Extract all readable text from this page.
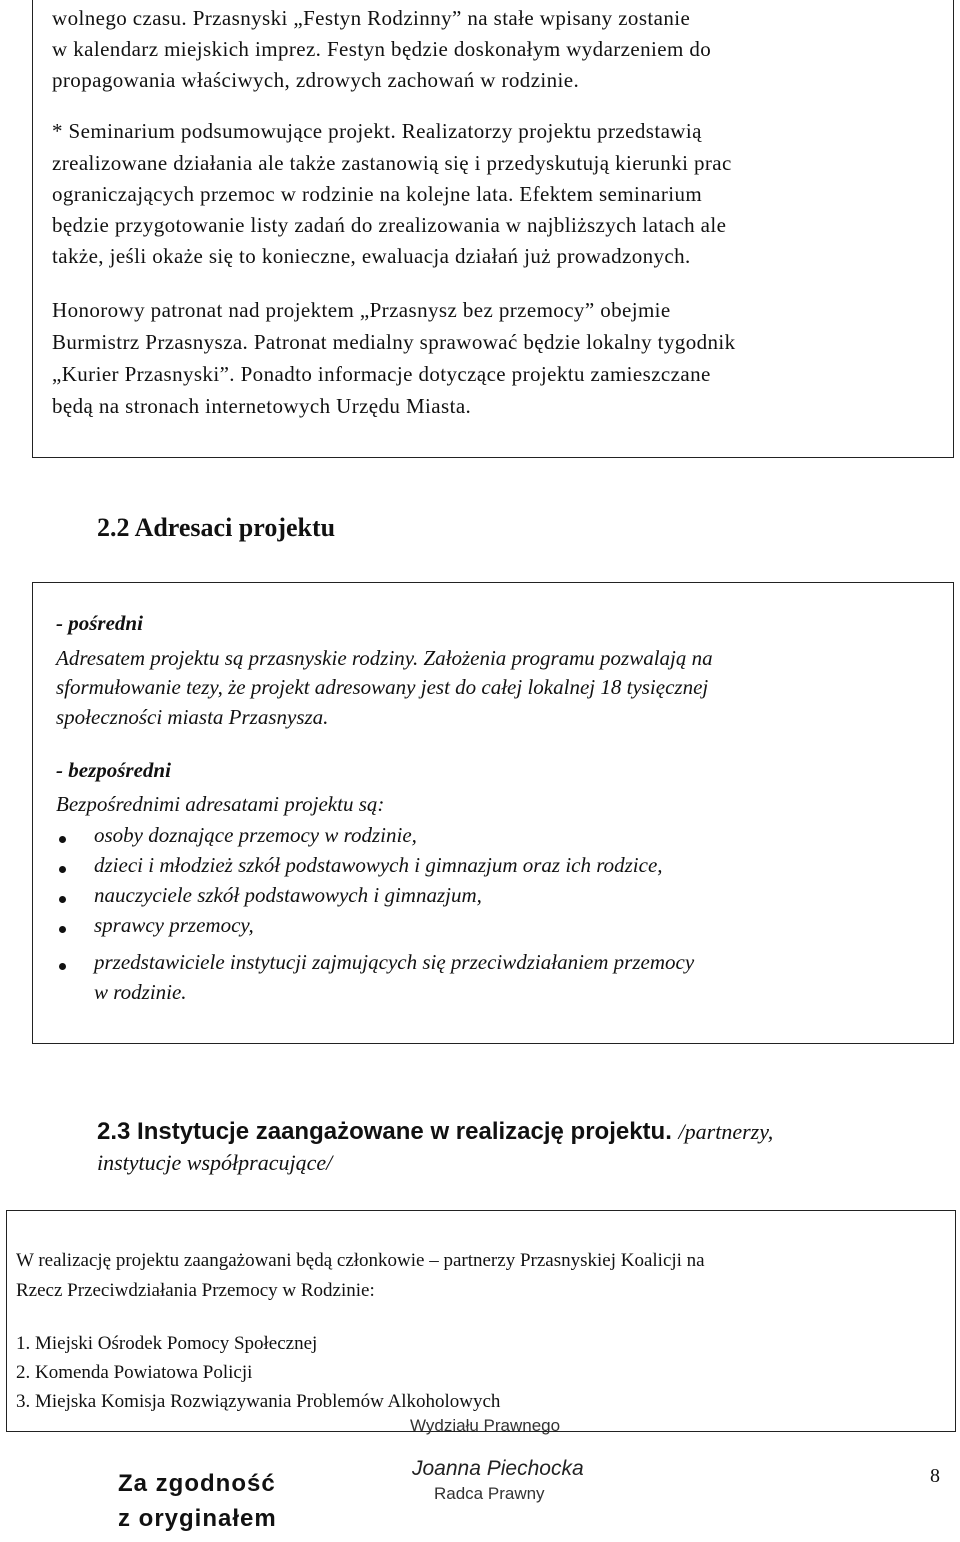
wolnego czasu. Przasnyski „Festyn Rodzinny” na stałe wpisany zostanie
w kalendarz miejskich imprez. Festyn będzie doskonałym wydarzeniem do
propagowania właściwych, zdrowych zachowań w rodzinie.
* Seminarium podsumowujące projekt. Realizatorzy projektu przedstawią
zrealizowane działania ale także zastanowią się i przedyskutują kierunki prac
ograniczających przemoc w rodzinie na kolejne lata. Efektem seminarium
będzie przygotowanie listy zadań do zrealizowania w najbliższych latach ale
także, jeśli okaże się to konieczne, ewaluacja działań już prowadzonych.
Honorowy patronat nad projektem „Przasnysz bez przemocy” obejmie
Burmistrz Przasnysza. Patronat medialny sprawować będzie lokalny tygodnik
„Kurier Przasnyski”. Ponadto informacje dotyczące projektu zamieszczane
będą na stronach internetowych Urzędu Miasta.
2.2 Adresaci projektu
- pośredni
Adresatem projektu są przasnyskie rodziny. Założenia programu pozwalają na
sformułowanie tezy, że projekt adresowany jest do całej lokalnej 18 tysięcznej
społeczności miasta Przasnysza.
- bezpośredni
Bezpośrednimi adresatami projektu są:
osoby doznające przemocy w rodzinie,
dzieci i młodzież szkół podstawowych i gimnazjum oraz ich rodzice,
nauczyciele szkół podstawowych i gimnazjum,
sprawcy przemocy,
przedstawiciele instytucji zajmujących się przeciwdziałaniem przemocy
w rodzinie.
2.3 Instytucje zaangażowane w realizację projektu. /partnerzy,
instytucje współpracujące/
W realizację projektu zaangażowani będą członkowie – partnerzy Przasnyskiej Koalicji na
Rzecz Przeciwdziałania Przemocy w Rodzinie:
1. Miejski Ośrodek Pomocy Społecznej
2. Komenda Powiatowa Policji
3. Miejska Komisja Rozwiązywania Problemów Alkoholowych
Wydziału Prawnego
Joanna Piechocka
Radca Prawny
Za zgodność
z oryginałem
8
